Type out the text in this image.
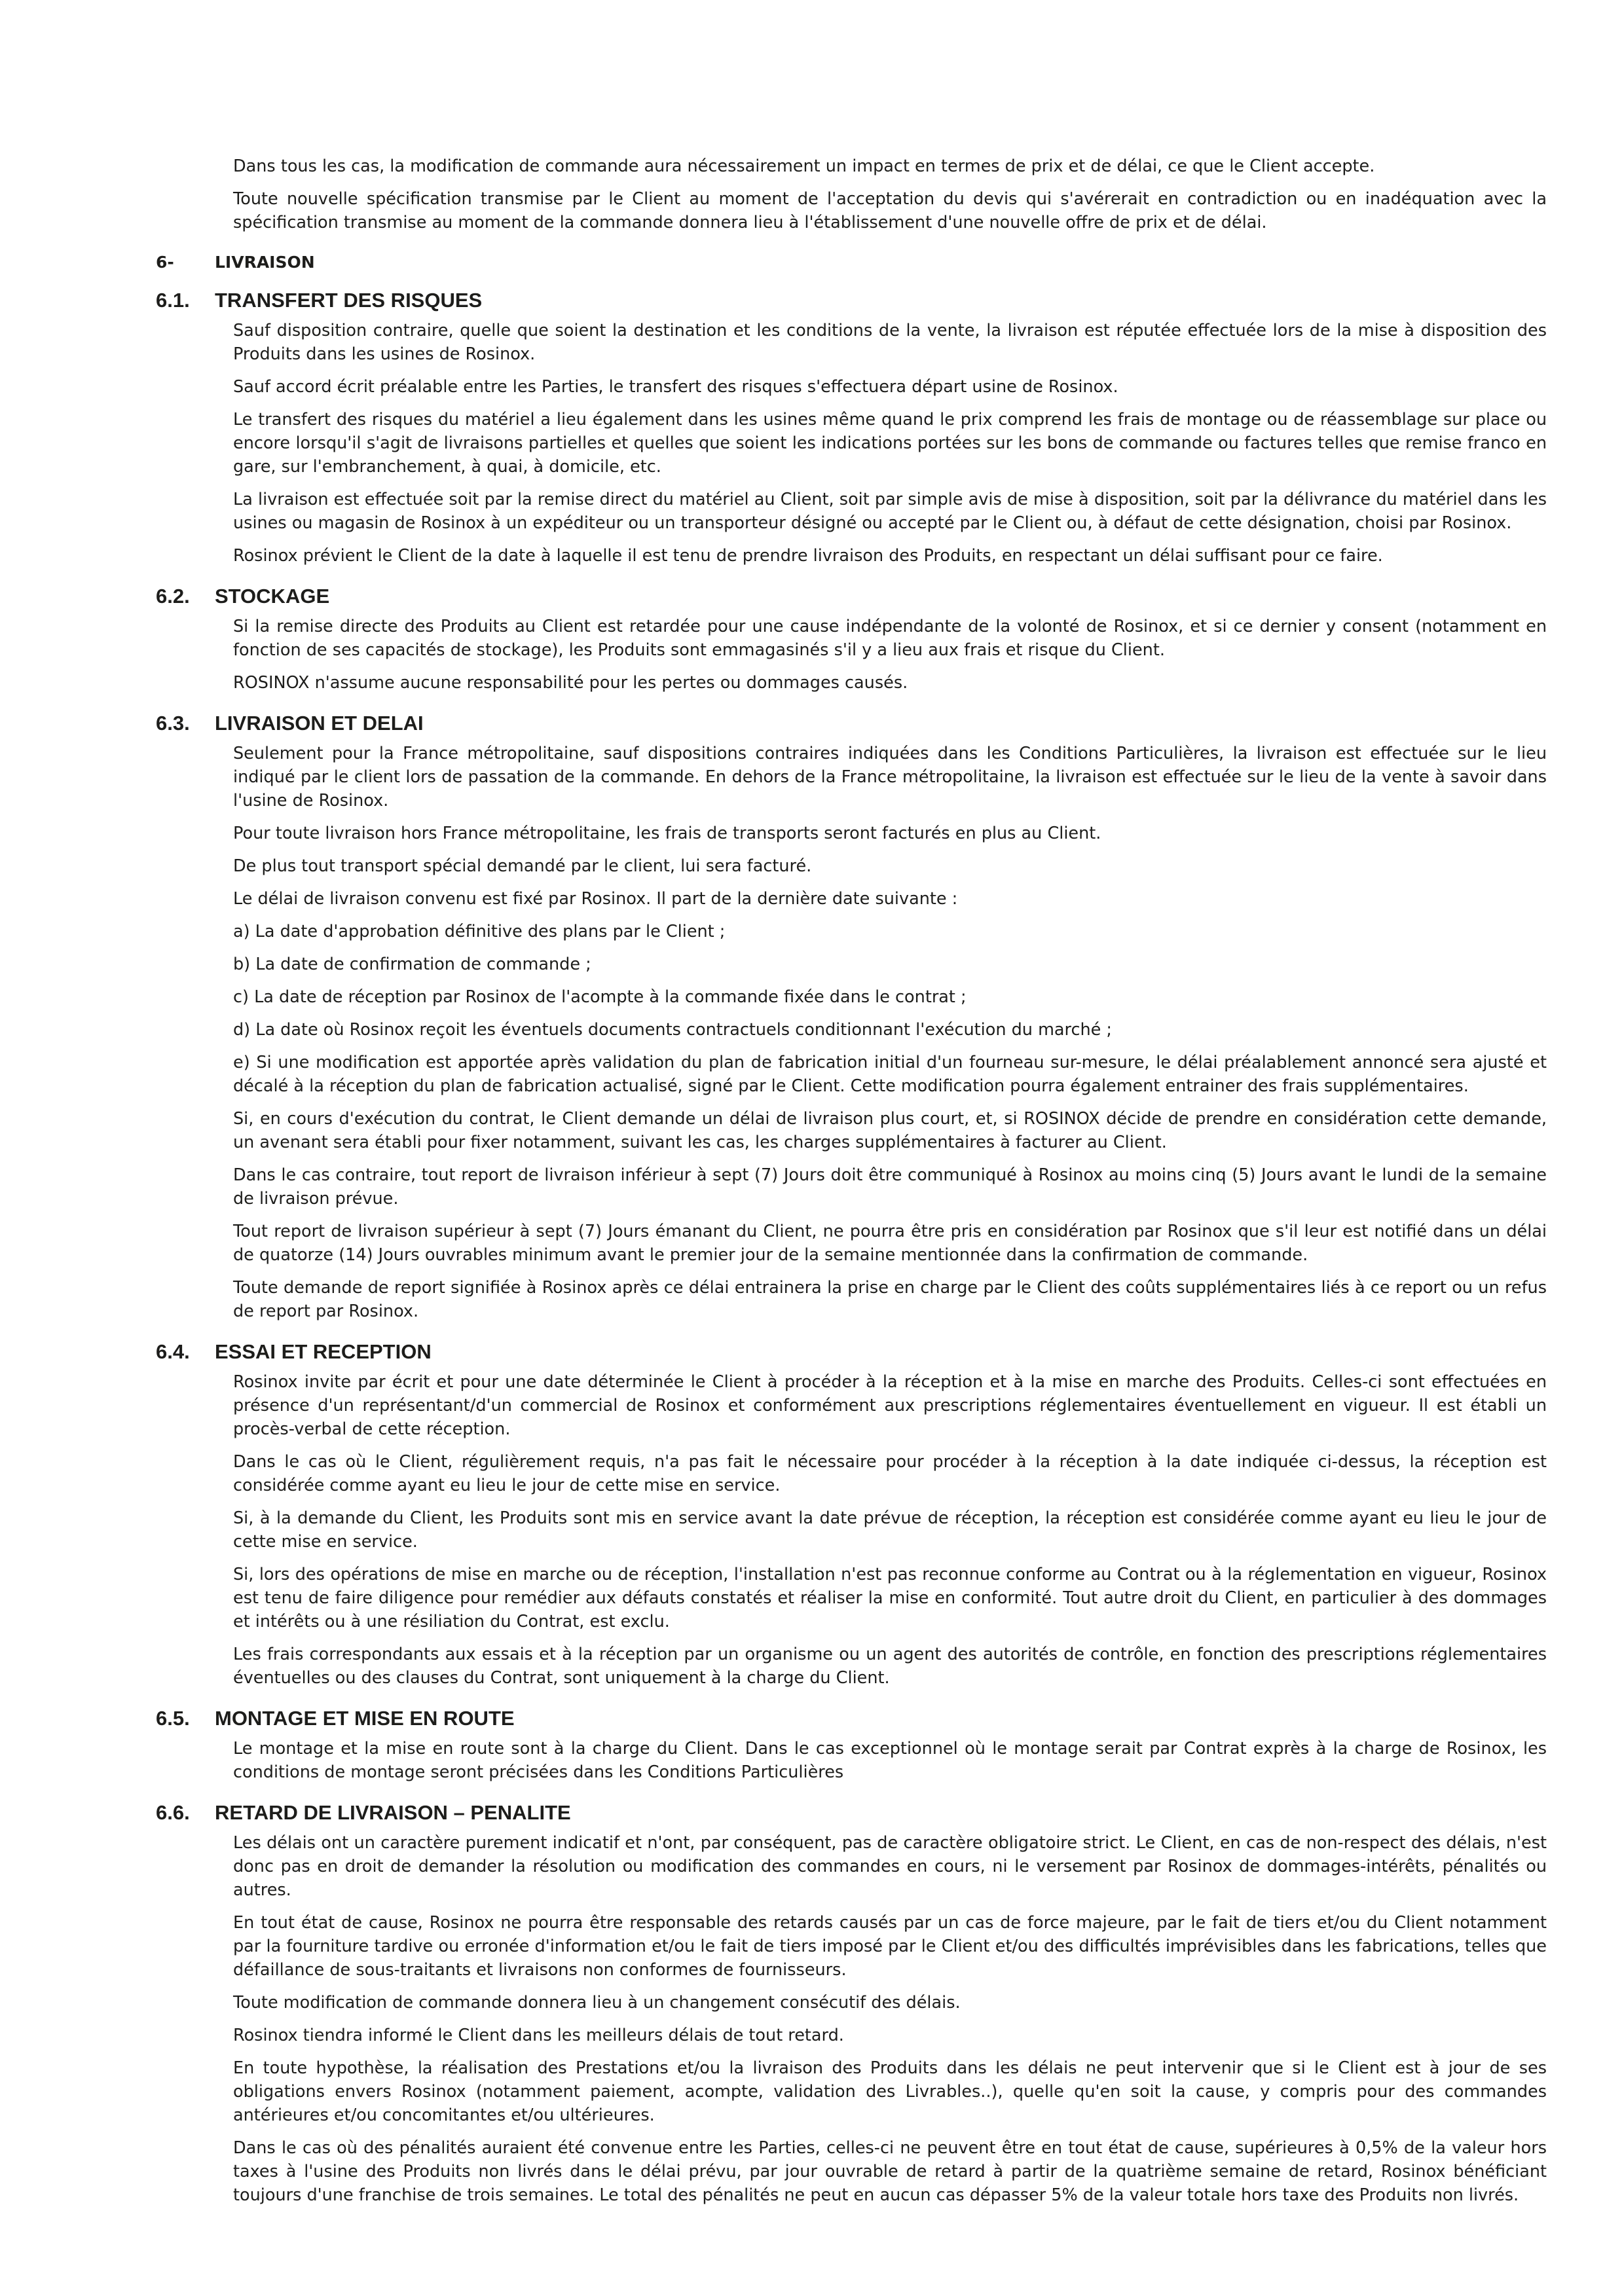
Dans tous les cas, la modification de commande aura nécessairement un impact en termes de prix et de délai, ce que le Client accepte.

Toute nouvelle spécification transmise par le Client au moment de l'acceptation du devis qui s'avérerait en contradiction ou en inadéquation avec la spécification transmise au moment de la commande donnera lieu à l'établissement d'une nouvelle offre de prix et de délai.

6-	LIVRAISON
6.1.	TRANSFERT DES RISQUES

Sauf disposition contraire, quelle que soient la destination et les conditions de la vente, la livraison est réputée effectuée lors de la mise à disposition des Produits dans les usines de Rosinox.

Sauf accord écrit préalable entre les Parties, le transfert des risques s'effectuera départ usine de Rosinox.

Le transfert des risques du matériel a lieu également dans les usines même quand le prix comprend les frais de montage ou de réassemblage sur place ou encore lorsqu'il s'agit de livraisons partielles et quelles que soient les indications portées sur les bons de commande ou factures telles que remise franco en gare, sur l'embranchement, à quai, à domicile, etc.

La livraison est effectuée soit par la remise direct du matériel au Client, soit par simple avis de mise à disposition, soit par la délivrance du matériel dans les usines ou magasin de Rosinox à un expéditeur ou un transporteur désigné ou accepté par le Client ou, à défaut de cette désignation, choisi par Rosinox.

Rosinox prévient le Client de la date à laquelle il est tenu de prendre livraison des Produits, en respectant un délai suffisant pour ce faire.

6.2.	STOCKAGE

Si la remise directe des Produits au Client est retardée pour une cause indépendante de la volonté de Rosinox, et si ce dernier y consent (notamment en fonction de ses capacités de stockage), les Produits sont emmagasinés s'il y a lieu aux frais et risque du Client.

ROSINOX n'assume aucune responsabilité pour les pertes ou dommages causés.

6.3.	LIVRAISON ET DELAI

Seulement pour la France métropolitaine, sauf dispositions contraires indiquées dans les Conditions Particulières, la livraison est effectuée sur le lieu indiqué par le client lors de passation de la commande. En dehors de la France métropolitaine, la livraison est effectuée sur le lieu de la vente à savoir dans l'usine de Rosinox.

Pour toute livraison hors France métropolitaine, les frais de transports seront facturés en plus au Client.

De plus tout transport spécial demandé par le client, lui sera facturé.

Le délai de livraison convenu est fixé par Rosinox. Il part de la dernière date suivante :

a) La date d'approbation définitive des plans par le Client ;

b) La date de confirmation de commande ;

c) La date de réception par Rosinox de l'acompte à la commande fixée dans le contrat ;

d) La date où Rosinox reçoit les éventuels documents contractuels conditionnant l'exécution du marché ;

e) Si une modification est apportée après validation du plan de fabrication initial d'un fourneau sur-mesure, le délai préalablement annoncé sera ajusté et décalé à la réception du plan de fabrication actualisé, signé par le Client. Cette modification pourra également entrainer des frais supplémentaires.

Si, en cours d'exécution du contrat, le Client demande un délai de livraison plus court, et, si ROSINOX décide de prendre en considération cette demande, un avenant sera établi pour fixer notamment, suivant les cas, les charges supplémentaires à facturer au Client.

Dans le cas contraire, tout report de livraison inférieur à sept (7) Jours doit être communiqué à Rosinox au moins cinq (5) Jours avant le lundi de la semaine de livraison prévue.

Tout report de livraison supérieur à sept (7) Jours émanant du Client, ne pourra être pris en considération par Rosinox que s'il leur est notifié dans un délai de quatorze (14) Jours ouvrables minimum avant le premier jour de la semaine mentionnée dans la confirmation de commande.

Toute demande de report signifiée à Rosinox après ce délai entrainera la prise en charge par le Client des coûts supplémentaires liés à ce report ou un refus de report par Rosinox.

6.4.	ESSAI ET RECEPTION

Rosinox invite par écrit et pour une date déterminée le Client à procéder à la réception et à la mise en marche des Produits. Celles-ci sont effectuées en présence d'un représentant/d'un commercial de Rosinox et conformément aux prescriptions réglementaires éventuellement en vigueur. Il est établi un procès-verbal de cette réception.

Dans le cas où le Client, régulièrement requis, n'a pas fait le nécessaire pour procéder à la réception à la date indiquée ci-dessus, la réception est considérée comme ayant eu lieu le jour de cette mise en service.

Si, à la demande du Client, les Produits sont mis en service avant la date prévue de réception, la réception est considérée comme ayant eu lieu le jour de cette mise en service.

Si, lors des opérations de mise en marche ou de réception, l'installation n'est pas reconnue conforme au Contrat ou à la réglementation en vigueur, Rosinox est tenu de faire diligence pour remédier aux défauts constatés et réaliser la mise en conformité. Tout autre droit du Client, en particulier à des dommages et intérêts ou à une résiliation du Contrat, est exclu.

Les frais correspondants aux essais et à la réception par un organisme ou un agent des autorités de contrôle, en fonction des prescriptions réglementaires éventuelles ou des clauses du Contrat, sont uniquement à la charge du Client.

6.5.	MONTAGE ET MISE EN ROUTE

Le montage et la mise en route sont à la charge du Client. Dans le cas exceptionnel où le montage serait par Contrat exprès à la charge de Rosinox, les conditions de montage seront précisées dans les Conditions Particulières

6.6.	RETARD DE LIVRAISON – PENALITE

Les délais ont un caractère purement indicatif et n'ont, par conséquent, pas de caractère obligatoire strict. Le Client, en cas de non-respect des délais, n'est donc pas en droit de demander la résolution ou modification des commandes en cours, ni le versement par Rosinox de dommages-intérêts, pénalités ou autres.

En tout état de cause, Rosinox ne pourra être responsable des retards causés par un cas de force majeure, par le fait de tiers et/ou du Client notamment par la fourniture tardive ou erronée d'information et/ou le fait de tiers imposé par le Client et/ou des difficultés imprévisibles dans les fabrications, telles que défaillance de sous-traitants et livraisons non conformes de fournisseurs.

Toute modification de commande donnera lieu à un changement consécutif des délais.

Rosinox tiendra informé le Client dans les meilleurs délais de tout retard.

En toute hypothèse, la réalisation des Prestations et/ou la livraison des Produits dans les délais ne peut intervenir que si le Client est à jour de ses obligations envers Rosinox (notamment paiement, acompte, validation des Livrables..), quelle qu'en soit la cause, y compris pour des commandes antérieures et/ou concomitantes et/ou ultérieures.

Dans le cas où des pénalités auraient été convenue entre les Parties, celles-ci ne peuvent être en tout état de cause, supérieures à 0,5% de la valeur hors taxes à l'usine des Produits non livrés dans le délai prévu, par jour ouvrable de retard à partir de la quatrième semaine de retard, Rosinox bénéficiant toujours d'une franchise de trois semaines. Le total des pénalités ne peut en aucun cas dépasser 5% de la valeur totale hors taxe des Produits non livrés.
